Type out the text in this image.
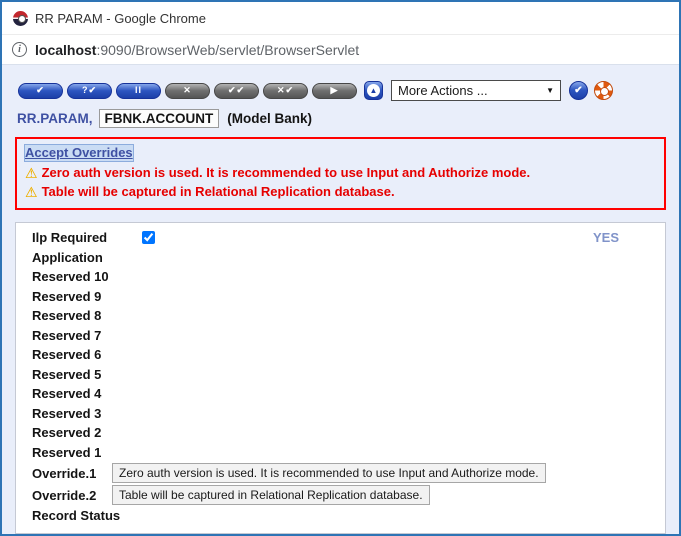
RR PARAM - Google Chrome
i	localhost :9090/BrowserWeb/servlet/BrowserServlet
✔	?✔	II	✕	✔✔	✕✔	▶	▲ More Actions ...	▼ ✔
RR.PARAM, FBNK.ACCOUNT	(Model Bank)
Accept Overrides
⚠ Zero auth version is used. It is recommended to use Input and Authorize mode.
⚠ Table will be captured in Relational Replication database.
Ilp Required	YES
Application
Reserved 10
Reserved 9
Reserved 8
Reserved 7
Reserved 6
Reserved 5
Reserved 4
Reserved 3
Reserved 2
Reserved 1
Override.1	Zero auth version is used. It is recommended to use Input and Authorize mode.
Override.2	Table will be captured in Relational Replication database.
Record Status
